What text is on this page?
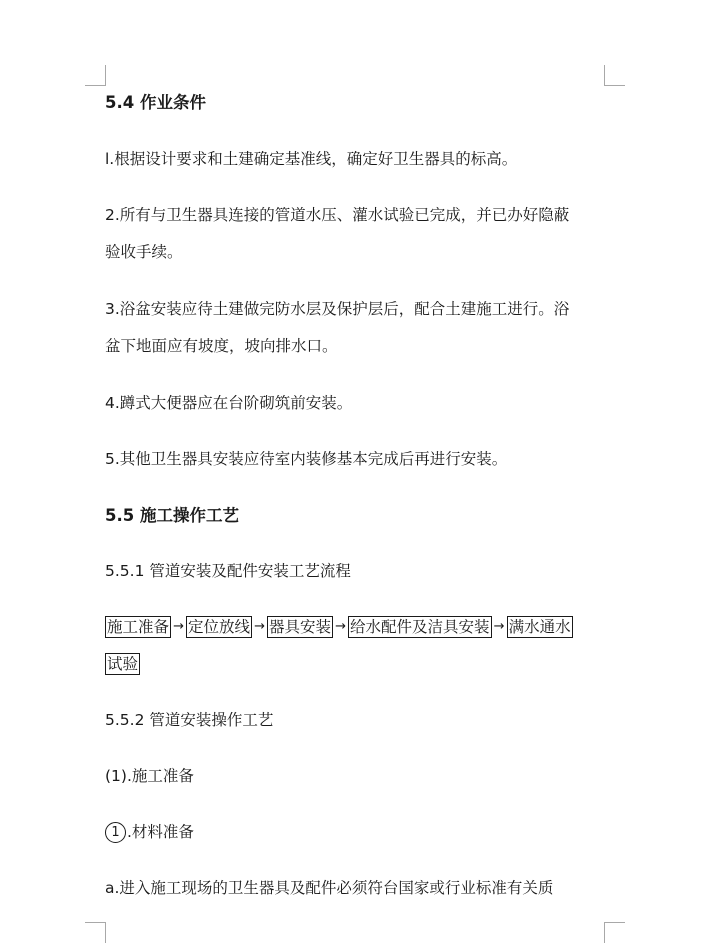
5.4 作业条件
l.根据设计要求和土建确定基准线，确定好卫生器具的标高。
2.所有与卫生器具连接的管道水压、灌水试验已完成，并已办好隐蔽
验收手续。
3.浴盆安装应待土建做完防水层及保护层后，配合土建施工进行。浴
盆下地面应有坡度，坡向排水口。
4.蹲式大便器应在台阶砌筑前安装。
5.其他卫生器具安装应待室内装修基本完成后再进行安装。
5.5 施工操作工艺
5.5.1 管道安装及配件安装工艺流程
施工准备 → 定位放线 → 器具安装 → 给水配件及洁具安装 → 满水通水
试验
5.5.2 管道安装操作工艺
(1).施工准备
1 .材料准备
a.进入施工现场的卫生器具及配件必须符台国家或行业标准有关质
